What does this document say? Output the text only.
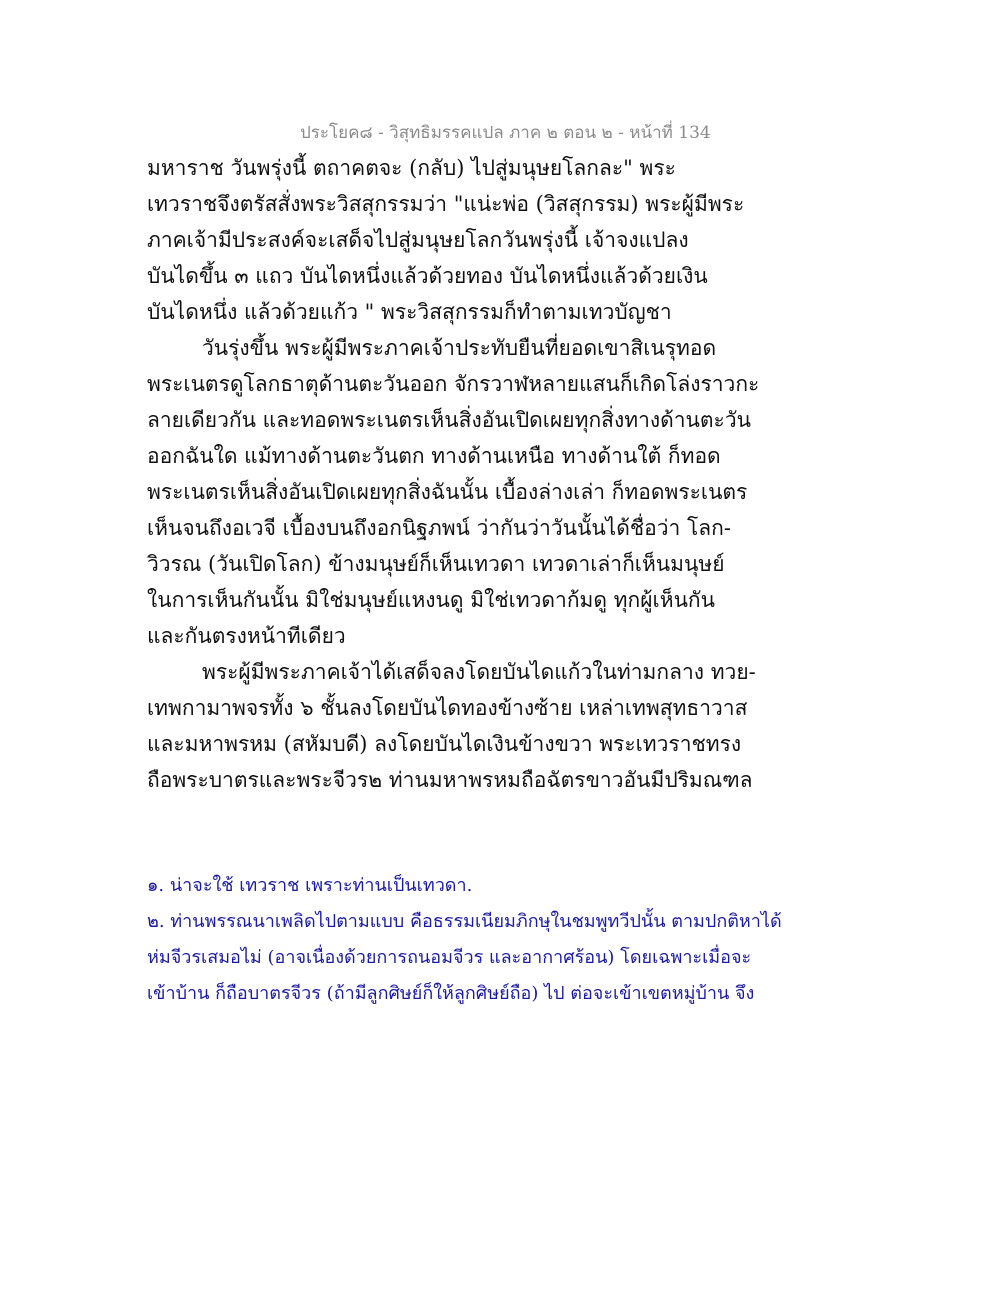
ประโยค๘ - วิสุทธิมรรคแปล ภาค ๒ ตอน ๒ - หน้าที่ 134
มหาราช วันพรุ่งนี้ ตถาคตจะ (กลับ) ไปสู่มนุษยโลกละ" พระ
เทวราชจึงตรัสสั่งพระวิสสุกรรมว่า "แน่ะพ่อ (วิสสุกรรม) พระผู้มีพระ
ภาคเจ้ามีประสงค์จะเสด็จไปสู่มนุษยโลกวันพรุ่งนี้ เจ้าจงแปลง
บันไดขึ้น ๓ แถว บันไดหนึ่งแล้วด้วยทอง บันไดหนึ่งแล้วด้วยเงิน
บันไดหนึ่ง แล้วด้วยแก้ว " พระวิสสุกรรมก็ทำตามเทวบัญชา
วันรุ่งขึ้น พระผู้มีพระภาคเจ้าประทับยืนที่ยอดเขาสิเนรุทอด
พระเนตรดูโลกธาตุด้านตะวันออก จักรวาฬหลายแสนก็เกิดโล่งราวกะ
ลายเดียวกัน และทอดพระเนตรเห็นสิ่งอันเปิดเผยทุกสิ่งทางด้านตะวัน
ออกฉันใด แม้ทางด้านตะวันตก ทางด้านเหนือ ทางด้านใต้ ก็ทอด
พระเนตรเห็นสิ่งอันเปิดเผยทุกสิ่งฉันนั้น เบื้องล่างเล่า ก็ทอดพระเนตร
เห็นจนถึงอเวจี เบื้องบนถึงอกนิฐภพน์ ว่ากันว่าวันนั้นได้ชื่อว่า โลก-
วิวรณ (วันเปิดโลก) ข้างมนุษย์ก็เห็นเทวดา เทวดาเล่าก็เห็นมนุษย์
ในการเห็นกันนั้น มิใช่มนุษย์แหงนดู มิใช่เทวดาก้มดู ทุกผู้เห็นกัน
และกันตรงหน้าทีเดียว
พระผู้มีพระภาคเจ้าได้เสด็จลงโดยบันไดแก้วในท่ามกลาง ทวย-
เทพกามาพจรทั้ง ๖ ชั้นลงโดยบันไดทองข้างซ้าย เหล่าเทพสุทธาวาส
และมหาพรหม (สหัมบดี) ลงโดยบันไดเงินข้างขวา พระเทวราชทรง
ถือพระบาตรและพระจีวร๒ ท่านมหาพรหมถือฉัตรขาวอันมีปริมณฑล
๑. น่าจะใช้ เทวราช เพราะท่านเป็นเทวดา.
๒. ท่านพรรณนาเพลิดไปตามแบบ คือธรรมเนียมภิกษุในชมพูทวีปนั้น ตามปกติหาได้
ห่มจีวรเสมอไม่ (อาจเนื่องด้วยการถนอมจีวร และอากาศร้อน) โดยเฉพาะเมื่อจะ
เข้าบ้าน ก็ถือบาตรจีวร (ถ้ามีลูกศิษย์ก็ให้ลูกศิษย์ถือ) ไป ต่อจะเข้าเขตหมู่บ้าน จึง
